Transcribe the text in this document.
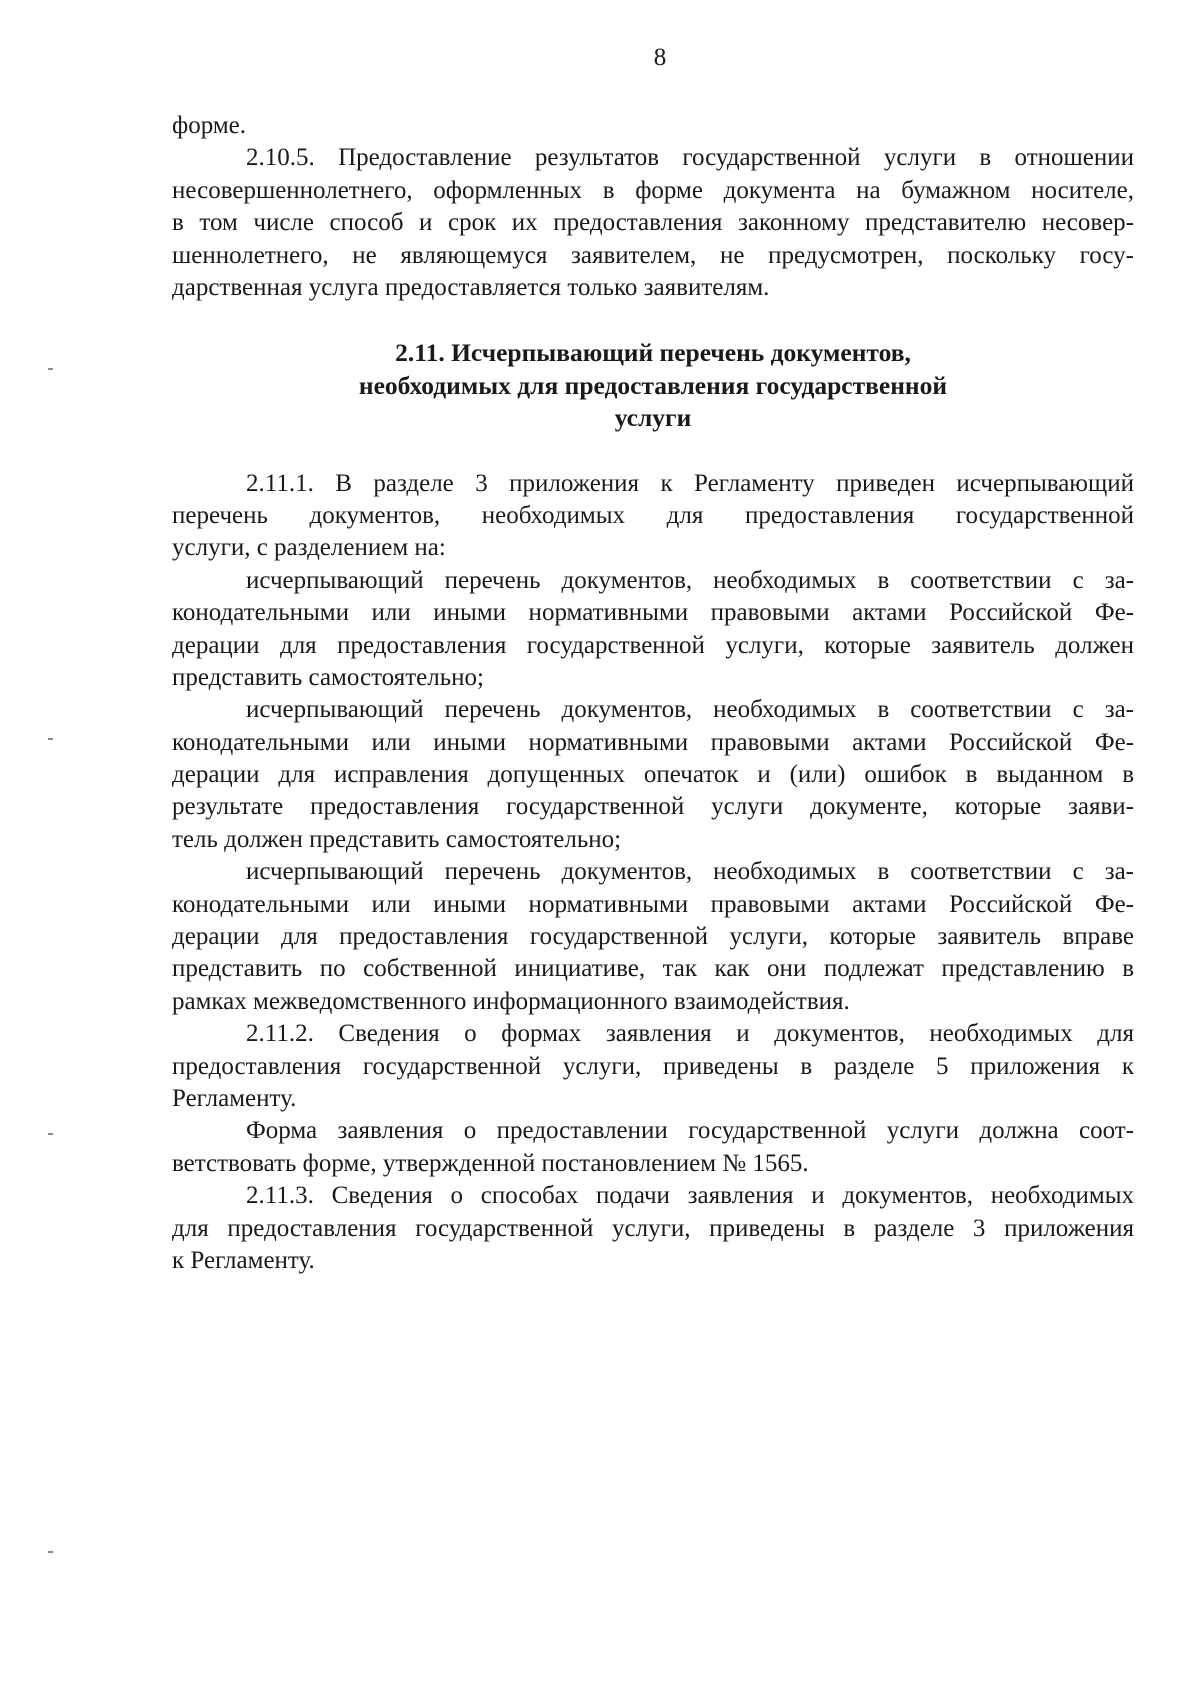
8
форме.
2.10.5. Предоставление результатов государственной услуги в отношении
несовершеннолетнего, оформленных в форме документа на бумажном носителе,
в том числе способ и срок их предоставления законному представителю несовер-
шеннолетнего, не являющемуся заявителем, не предусмотрен, поскольку госу-
дарственная услуга предоставляется только заявителям.
2.11. Исчерпывающий перечень документов,
необходимых для предоставления государственной
услуги
2.11.1. В разделе 3 приложения к Регламенту приведен исчерпывающий
перечень документов, необходимых для предоставления государственной
услуги, с разделением на:
исчерпывающий перечень документов, необходимых в соответствии с за-
конодательными или иными нормативными правовыми актами Российской Фе-
дерации для предоставления государственной услуги, которые заявитель должен
представить самостоятельно;
исчерпывающий перечень документов, необходимых в соответствии с за-
конодательными или иными нормативными правовыми актами Российской Фе-
дерации для исправления допущенных опечаток и (или) ошибок в выданном в
результате предоставления государственной услуги документе, которые заяви-
тель должен представить самостоятельно;
исчерпывающий перечень документов, необходимых в соответствии с за-
конодательными или иными нормативными правовыми актами Российской Фе-
дерации для предоставления государственной услуги, которые заявитель вправе
представить по собственной инициативе, так как они подлежат представлению в
рамках межведомственного информационного взаимодействия.
2.11.2. Сведения о формах заявления и документов, необходимых для
предоставления государственной услуги, приведены в разделе 5 приложения к
Регламенту.
Форма заявления о предоставлении государственной услуги должна соот-
ветствовать форме, утвержденной постановлением № 1565.
2.11.3. Сведения о способах подачи заявления и документов, необходимых
для предоставления государственной услуги, приведены в разделе 3 приложения
к Регламенту.
